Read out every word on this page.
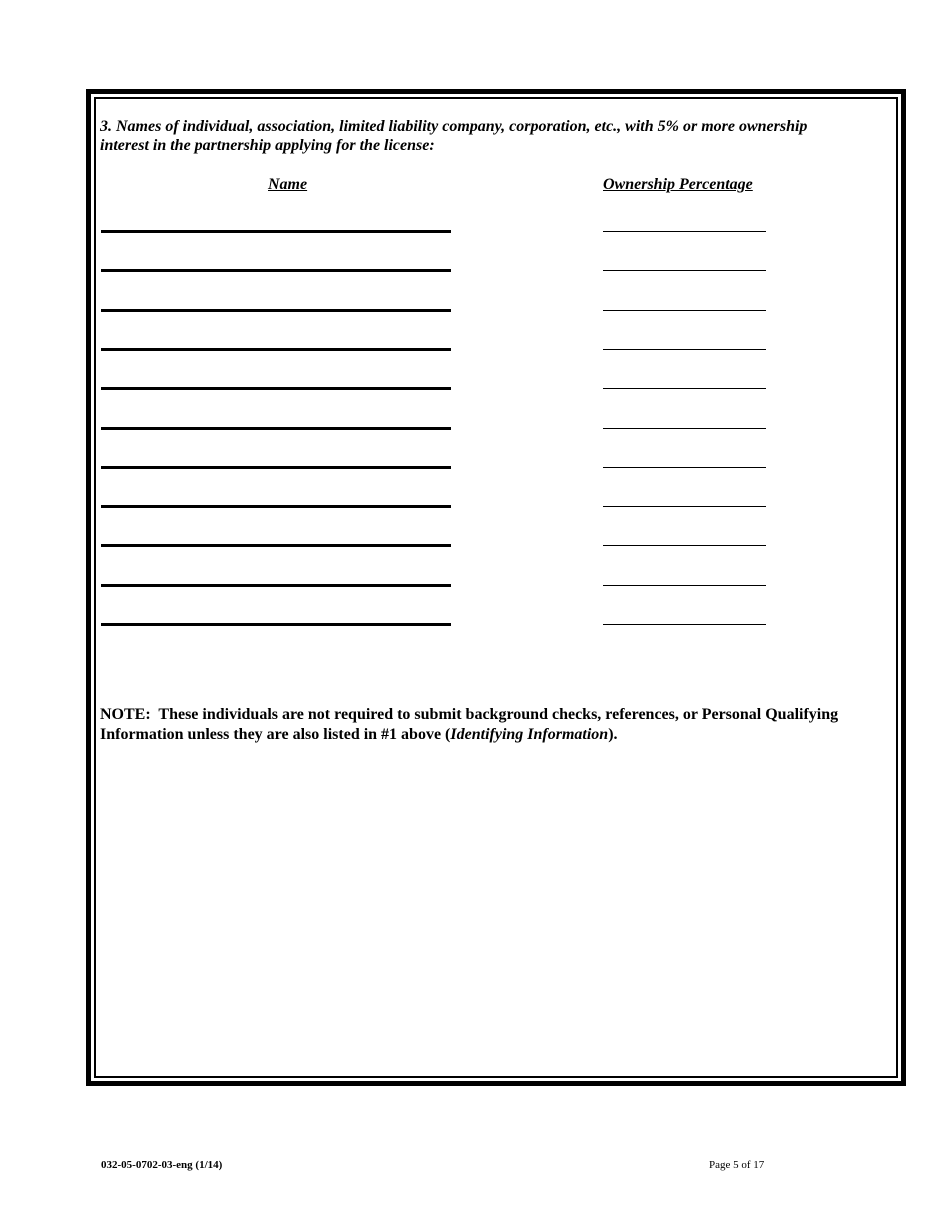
3. Names of individual, association, limited liability company, corporation, etc., with 5% or more ownership interest in the partnership applying for the license:
Name	Ownership Percentage
NOTE: These individuals are not required to submit background checks, references, or Personal Qualifying Information unless they are also listed in #1 above (Identifying Information).
032-05-0702-03-eng (1/14)	Page 5 of 17
